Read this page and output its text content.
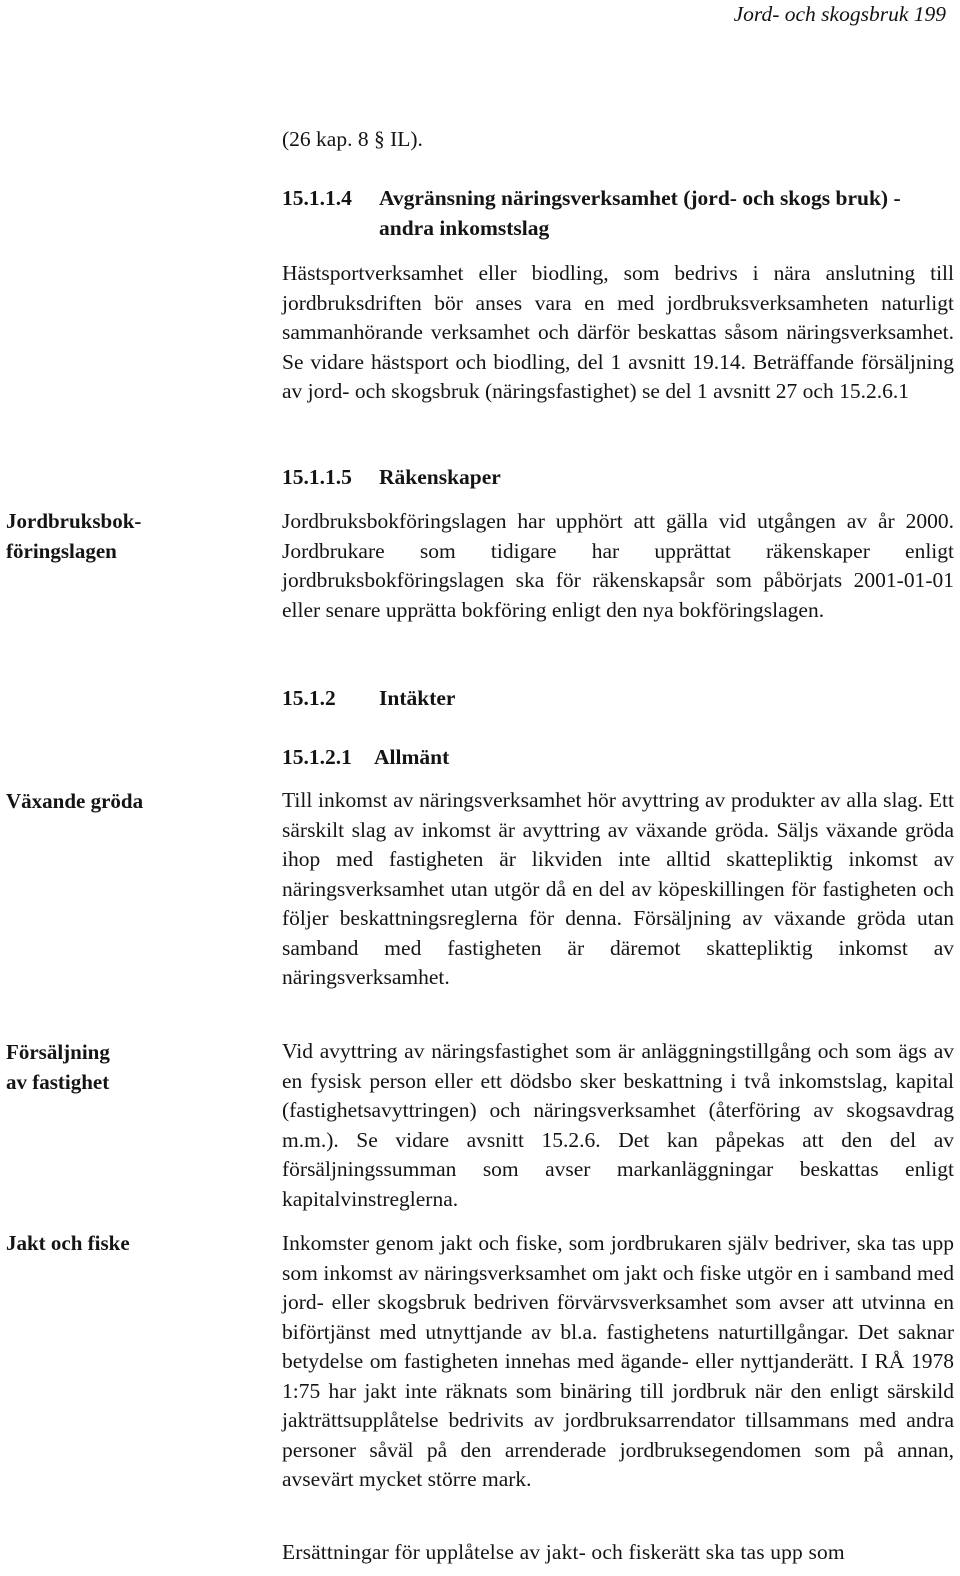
Jord- och skogsbruk 199
(26 kap. 8 § IL).
15.1.1.4 Avgränsning näringsverksamhet (jord- och skogs bruk) - andra inkomstslag

Hästsportverksamhet eller biodling, som bedrivs i nära anslutning till jordbruksdriften bör anses vara en med jordbruksverksamheten naturligt sammanhörande verksamhet och därför beskattas såsom näringsverksamhet. Se vidare hästsport och biodling, del 1 avsnitt 19.14. Beträffande försäljning av jord- och skogsbruk (näringsfastighet) se del 1 avsnitt 27 och 15.2.6.1

15.1.1.5 Räkenskaper
Jordbruksbok-
föringslagen

Jordbruksbokföringslagen har upphört att gälla vid utgången av år 2000. Jordbrukare som tidigare har upprättat räkenskaper enligt jordbruksbokföringslagen ska för räkenskapsår som påbörjats 2001-01-01 eller senare upprätta bokföring enligt den nya bokföringslagen.

15.1.2 Intäkter
15.1.2.1 Allmänt
Växande gröda	Till inkomst av näringsverksamhet hör avyttring av produkter av alla slag. Ett särskilt slag av inkomst är avyttring av växande gröda. Säljs växande gröda ihop med fastigheten är likviden inte alltid skattepliktig inkomst av näringsverksamhet utan utgör då en del av köpeskillingen för fastigheten och följer beskattningsreglerna för denna. Försäljning av växande gröda utan samband med fastigheten är däremot skattepliktig inkomst av näringsverksamhet.

Försäljning
av fastighet

Vid avyttring av näringsfastighet som är anläggningstillgång och som ägs av en fysisk person eller ett dödsbo sker beskattning i två inkomstslag, kapital (fastighetsavyttringen) och näringsverksamhet (återföring av skogsavdrag m.m.). Se vidare avsnitt 15.2.6. Det kan påpekas att den del av försäljningssumman som avser markanläggningar beskattas enligt kapitalvinstreglerna.

Jakt och fiske	Inkomster genom jakt och fiske, som jordbrukaren själv bedriver, ska tas upp som inkomst av näringsverksamhet om jakt och fiske utgör en i samband med jord- eller skogsbruk bedriven förvärvsverksamhet som avser att utvinna en biförtjänst med utnyttjande av bl.a. fastighetens naturtillgångar. Det saknar betydelse om fastigheten innehas med ägande- eller nyttjanderätt. I RÅ 1978 1:75 har jakt inte räknats som binäring till jordbruk när den enligt särskild jakträttsupplåtelse bedrivits av jordbruksarrendator tillsammans med andra personer såväl på den arrenderade jordbruksegendomen som på annan, avsevärt mycket större mark.

Ersättningar för upplåtelse av jakt- och fiskerätt ska tas upp som
